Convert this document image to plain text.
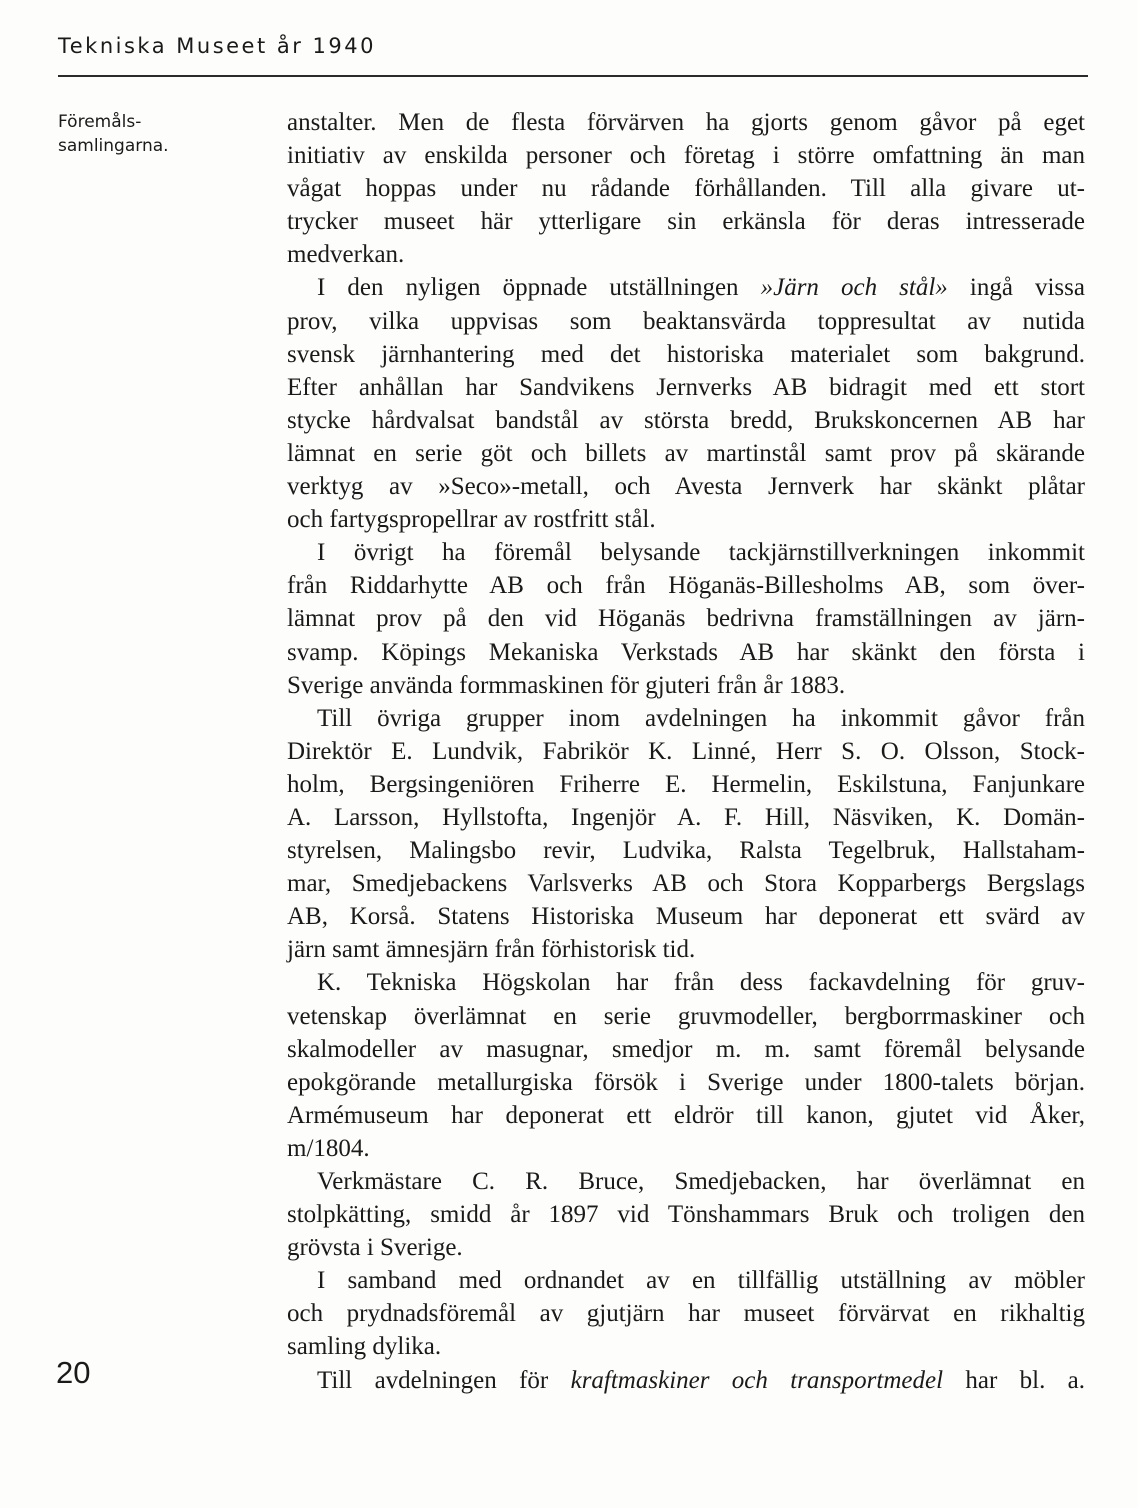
Tekniska Museet år 1940
Föremåls-
samlingarna.
20
anstalter. Men de flesta förvärven ha gjorts genom gåvor på eget
initiativ av enskilda personer och företag i större omfattning än man
vågat hoppas under nu rådande förhållanden. Till alla givare ut-
trycker museet här ytterligare sin erkänsla för deras intresserade
medverkan.
I den nyligen öppnade utställningen »Järn och stål» ingå vissa
prov, vilka uppvisas som beaktansvärda toppresultat av nutida
svensk järnhantering med det historiska materialet som bakgrund.
Efter anhållan har Sandvikens Jernverks AB bidragit med ett stort
stycke hårdvalsat bandstål av största bredd, Brukskoncernen AB har
lämnat en serie göt och billets av martinstål samt prov på skärande
verktyg av »Seco»-metall, och Avesta Jernverk har skänkt plåtar
och fartygspropellrar av rostfritt stål.
I övrigt ha föremål belysande tackjärnstillverkningen inkommit
från Riddarhytte AB och från Höganäs-Billesholms AB, som över-
lämnat prov på den vid Höganäs bedrivna framställningen av järn-
svamp. Köpings Mekaniska Verkstads AB har skänkt den första i
Sverige använda formmaskinen för gjuteri från år 1883.
Till övriga grupper inom avdelningen ha inkommit gåvor från
Direktör E. Lundvik, Fabrikör K. Linné, Herr S. O. Olsson, Stock-
holm, Bergsingeniören Friherre E. Hermelin, Eskilstuna, Fanjunkare
A. Larsson, Hyllstofta, Ingenjör A. F. Hill, Näsviken, K. Domän-
styrelsen, Malingsbo revir, Ludvika, Ralsta Tegelbruk, Hallstaham-
mar, Smedjebackens Varlsverks AB och Stora Kopparbergs Bergslags
AB, Korså. Statens Historiska Museum har deponerat ett svärd av
järn samt ämnesjärn från förhistorisk tid.
K. Tekniska Högskolan har från dess fackavdelning för gruv-
vetenskap överlämnat en serie gruvmodeller, bergborrmaskiner och
skalmodeller av masugnar, smedjor m. m. samt föremål belysande
epokgörande metallurgiska försök i Sverige under 1800-talets början.
Armémuseum har deponerat ett eldrör till kanon, gjutet vid Åker,
m/1804.
Verkmästare C. R. Bruce, Smedjebacken, har överlämnat en
stolpkätting, smidd år 1897 vid Tönshammars Bruk och troligen den
grövsta i Sverige.
I samband med ordnandet av en tillfällig utställning av möbler
och prydnadsföremål av gjutjärn har museet förvärvat en rikhaltig
samling dylika.
Till avdelningen för kraftmaskiner och transportmedel har bl. a.
